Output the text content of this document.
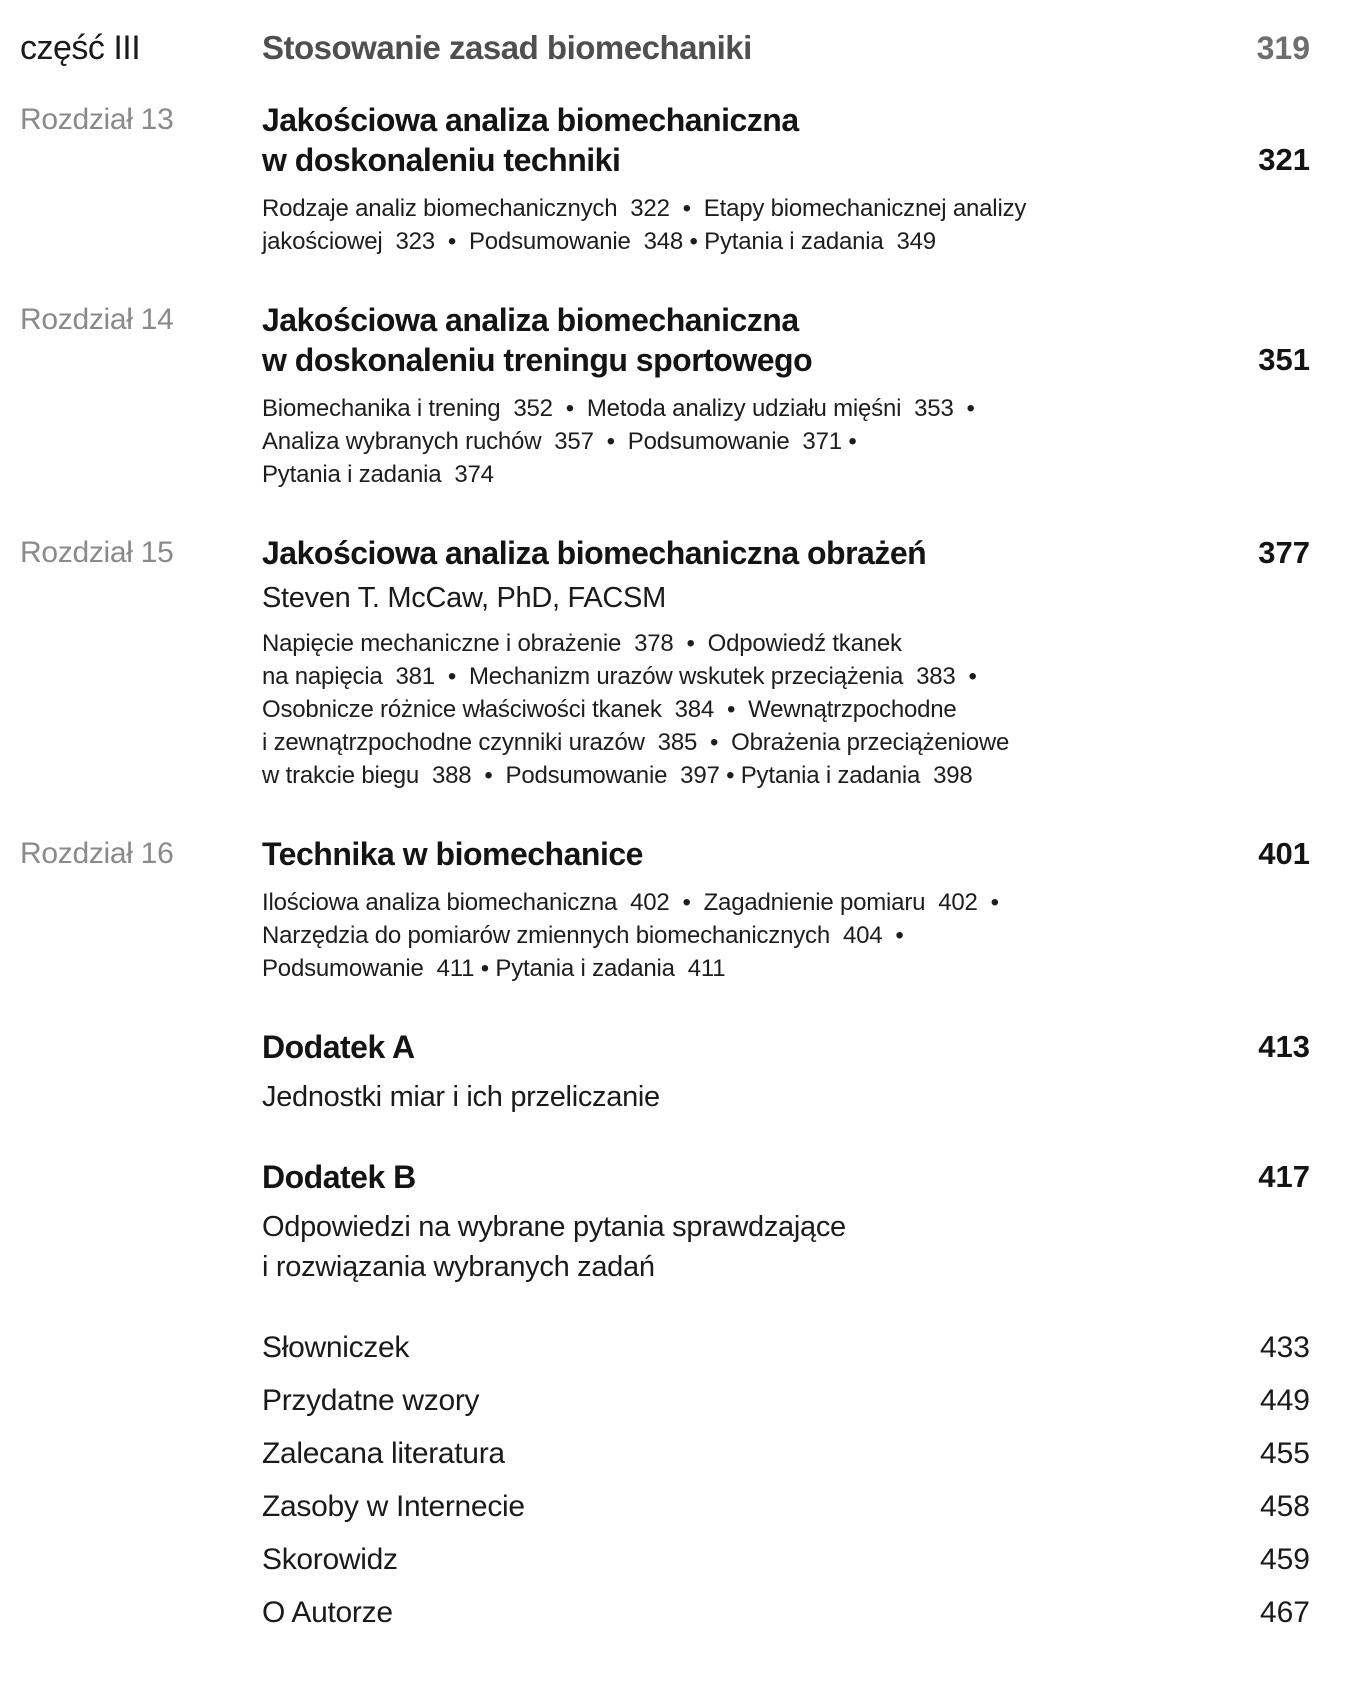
część III	Stosowanie zasad biomechaniki	319
Rozdział 13	Jakościowa analiza biomechaniczna
w doskonaleniu techniki	321
Rodzaje analiz biomechanicznych  322  •  Etapy biomechanicznej analizy
jakościowej  323  •  Podsumowanie  348 • Pytania i zadania  349
Rozdział 14	Jakościowa analiza biomechaniczna
w doskonaleniu treningu sportowego	351
Biomechanika i trening  352  •  Metoda analizy udziału mięśni  353  •
Analiza wybranych ruchów  357  •  Podsumowanie  371 •
Pytania i zadania  374
Rozdział 15	Jakościowa analiza biomechaniczna obrażeń	377
Steven T. McCaw, PhD, FACSM
Napięcie mechaniczne i obrażenie  378  •  Odpowiedź tkanek
na napięcia  381  •  Mechanizm urazów wskutek przeciążenia  383  •
Osobnicze różnice właściwości tkanek  384  •  Wewnątrzpochodne
i zewnątrzpochodne czynniki urazów  385  •  Obrażenia przeciążeniowe
w trakcie biegu  388  •  Podsumowanie  397 • Pytania i zadania  398
Rozdział 16	Technika w biomechanice	401
Ilościowa analiza biomechaniczna  402  •  Zagadnienie pomiaru  402  •
Narzędzia do pomiarów zmiennych biomechanicznych  404  •
Podsumowanie  411 • Pytania i zadania  411
Dodatek A	413
Jednostki miar i ich przeliczanie
Dodatek B	417
Odpowiedzi na wybrane pytania sprawdzające
i rozwiązania wybranych zadań
Słowniczek	433
Przydatne wzory	449
Zalecana literatura	455
Zasoby w Internecie	458
Skorowidz	459
O Autorze	467
